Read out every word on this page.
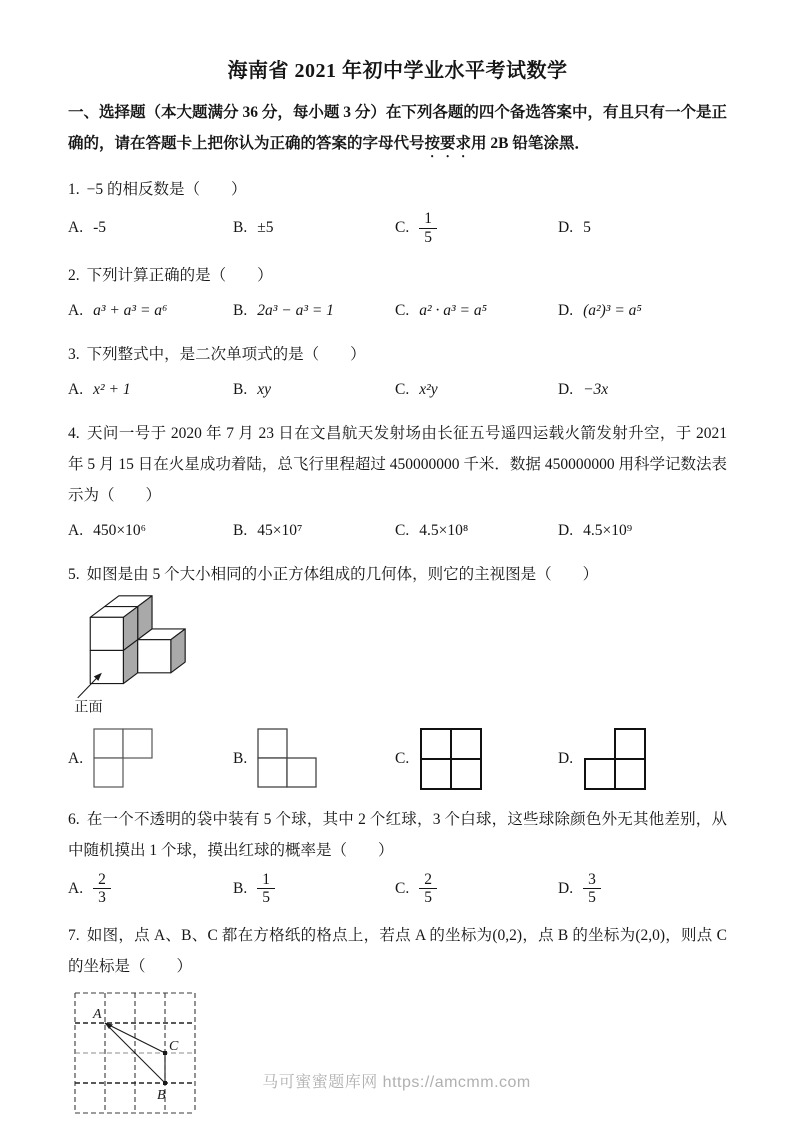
海南省 2021 年初中学业水平考试数学

一、选择题（本大题满分 36 分，每小题 3 分）在下列各题的四个备选答案中，有且只有一个是正确的，请在答题卡上把你认为正确的答案的字母代号按要求用 2B 铅笔涂黑．

1. −5 的相反数是（　　）

A. -5	B. ±5	C. $\frac{1}{5}$	D. 5

2. 下列计算正确的是（　　）

A. a³ + a³ = a⁶	B. 2a³ − a³ = 1	C. a² · a³ = a⁵	D. (a²)³ = a⁵

3. 下列整式中，是二次单项式的是（　　）

A. x² + 1	B. xy	C. x²y	D. −3x

4. 天问一号于 2020 年 7 月 23 日在文昌航天发射场由长征五号遥四运载火箭发射升空，于 2021 年 5 月 15 日在火星成功着陆，总飞行里程超过 450000000 千米．数据 450000000 用科学记数法表示为（　　）

A. 450×10⁶	B. 45×10⁷	C. 4.5×10⁸	D. 4.5×10⁹

5. 如图是由 5 个大小相同的小正方体组成的几何体，则它的主视图是（　　）

正面
A.	B.	C.	D.

6. 在一个不透明的袋中装有 5 个球，其中 2 个红球，3 个白球，这些球除颜色外无其他差别，从中随机摸出 1 个球，摸出红球的概率是（　　）

A. $\frac{2}{3}$	B. $\frac{1}{5}$	C. $\frac{2}{5}$	D. $\frac{3}{5}$

7. 如图，点 A、B、C 都在方格纸的格点上，若点 A 的坐标为(0,2)，点 B 的坐标为(2,0)，则点 C 的坐标是（　　）

A
C
B
马可蜜蜜题库网 https://amcmm.com
